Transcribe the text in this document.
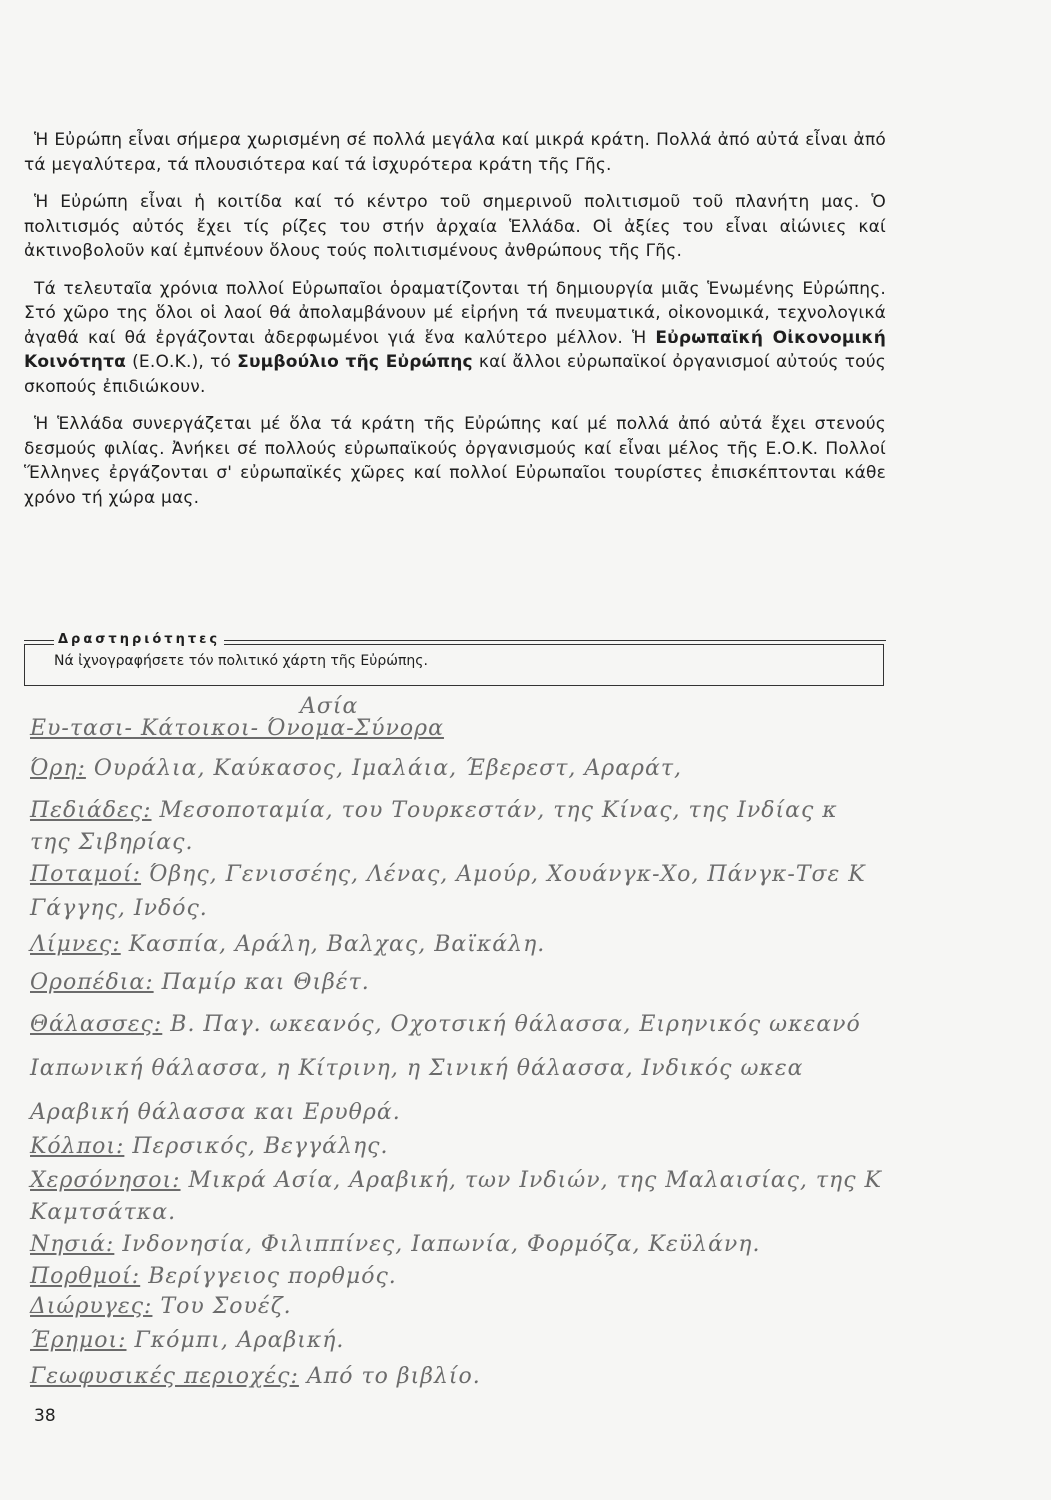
Ἡ Εὐρώπη εἶναι σήμερα χωρισμένη σέ πολλά μεγάλα καί μικρά κράτη. Πολλά ἀπό αὐτά εἶναι ἀπό τά μεγαλύτερα, τά πλουσιότερα καί τά ἰσχυρότερα κράτη τῆς Γῆς.

Ἡ Εὐρώπη εἶναι ἡ κοιτίδα καί τό κέντρο τοῦ σημερινοῦ πολιτισμοῦ τοῦ πλανήτη μας. Ὁ πολιτισμός αὐτός ἔχει τίς ρίζες του στήν ἀρχαία Ἑλλάδα. Οἱ ἀξίες του εἶναι αἰώνιες καί ἀκτινοβολοῦν καί ἐμπνέουν ὅλους τούς πολιτισμένους ἀνθρώπους τῆς Γῆς.

Τά τελευταῖα χρόνια πολλοί Εὐρωπαῖοι ὁραματίζονται τή δημιουργία μιᾶς Ἑνωμένης Εὐρώπης. Στό χῶρο της ὅλοι οἱ λαοί θά ἀπολαμβάνουν μέ εἰρήνη τά πνευματικά, οἰκονομικά, τεχνολογικά ἀγαθά καί θά ἐργάζονται ἀδερφωμένοι γιά ἕνα καλύτερο μέλλον. Ἡ Εὐρωπαϊκή Οἰκονομική Κοινότητα (Ε.Ο.Κ.), τό Συμβούλιο τῆς Εὐρώπης καί ἄλλοι εὐρωπαϊκοί ὀργανισμοί αὐτούς τούς σκοπούς ἐπιδιώκουν.

Ἡ Ἑλλάδα συνεργάζεται μέ ὅλα τά κράτη τῆς Εὐρώπης καί μέ πολλά ἀπό αὐτά ἔχει στενούς δεσμούς φιλίας. Ἀνήκει σέ πολλούς εὐρωπαϊκούς ὀργανισμούς καί εἶναι μέλος τῆς Ε.Ο.Κ. Πολλοί Ἕλληνες ἐργάζονται σ' εὐρωπαϊκές χῶρες καί πολλοί Εὐρωπαῖοι τουρίστες ἐπισκέπτονται κάθε χρόνο τή χώρα μας.

Δραστηριότητες
Νά ἰχνογραφήσετε τόν πολιτικό χάρτη τῆς Εὐρώπης.
Ασία
Ευ-τασι- Κάτοικοι- Όνομα-Σύνορα
Όρη: Ουράλια, Καύκασος, Ιμαλάια, Έβερεστ, Αραράτ,
Πεδιάδες: Μεσοποταμία, του Τουρκεστάν, της Κίνας, της Ινδίας κ
της Σιβηρίας.
Ποταμοί: Όβης, Γενισσέης, Λένας, Αμούρ, Χουάνγκ-Χο, Πάνγκ-Τσε Κ
Γάγγης, Ινδός.
Λίμνες: Κασπία, Αράλη, Βαλχας, Βαϊκάλη.
Οροπέδια: Παμίρ και Θιβέτ.
Θάλασσες: Β. Παγ. ωκεανός, Οχοτσική θάλασσα, Ειρηνικός ωκεανό
Ιαπωνική θάλασσα, η Κίτρινη, η Σινική θάλασσα, Ινδικός ωκεα
Αραβική θάλασσα και Ερυθρά.
Κόλποι: Περσικός, Βεγγάλης.
Χερσόνησοι: Μικρά Ασία, Αραβική, των Ινδιών, της Μαλαισίας, της Κ
Καμτσάτκα.
Νησιά: Ινδονησία, Φιλιππίνες, Ιαπωνία, Φορμόζα, Κεϋλάνη.
Πορθμοί: Βερίγγειος πορθμός.
Διώρυγες: Του Σουέζ.
Έρημοι: Γκόμπι, Αραβική.
Γεωφυσικές περιοχές: Από το βιβλίο.
38
